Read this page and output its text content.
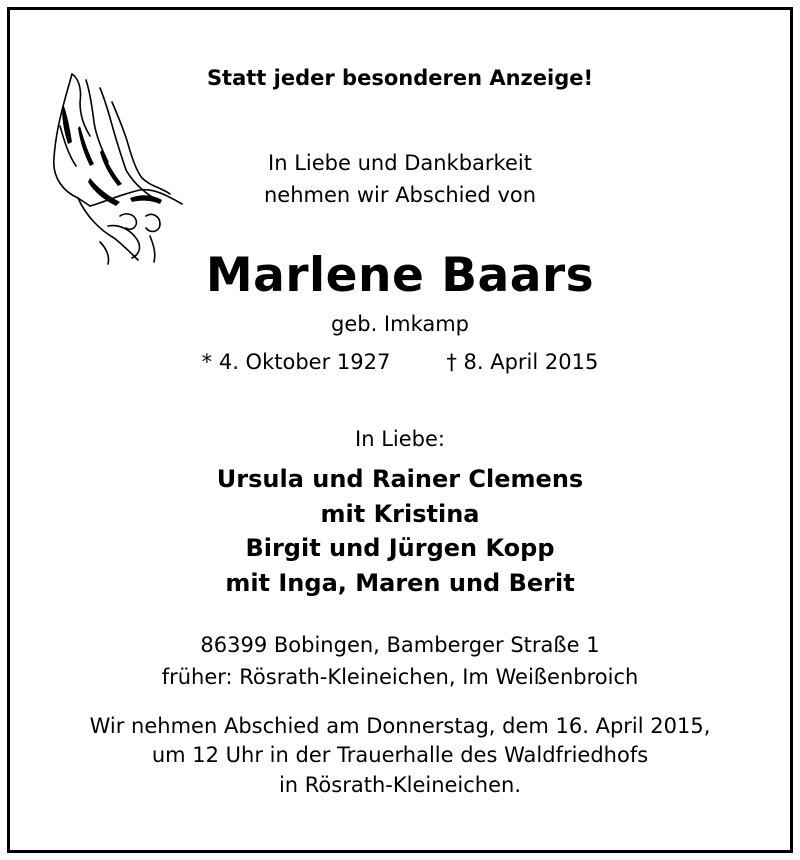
Statt jeder besonderen Anzeige!
In Liebe und Dankbarkeit
nehmen wir Abschied von
Marlene Baars
geb. Imkamp
* 4. Oktober 1927	† 8. April 2015
In Liebe:
Ursula und Rainer Clemens
mit Kristina
Birgit und Jürgen Kopp
mit Inga, Maren und Berit
86399 Bobingen, Bamberger Straße 1
früher: Rösrath-Kleineichen, Im Weißenbroich
Wir nehmen Abschied am Donnerstag, dem 16. April 2015,
um 12 Uhr in der Trauerhalle des Waldfriedhofs
in Rösrath-Kleineichen.
